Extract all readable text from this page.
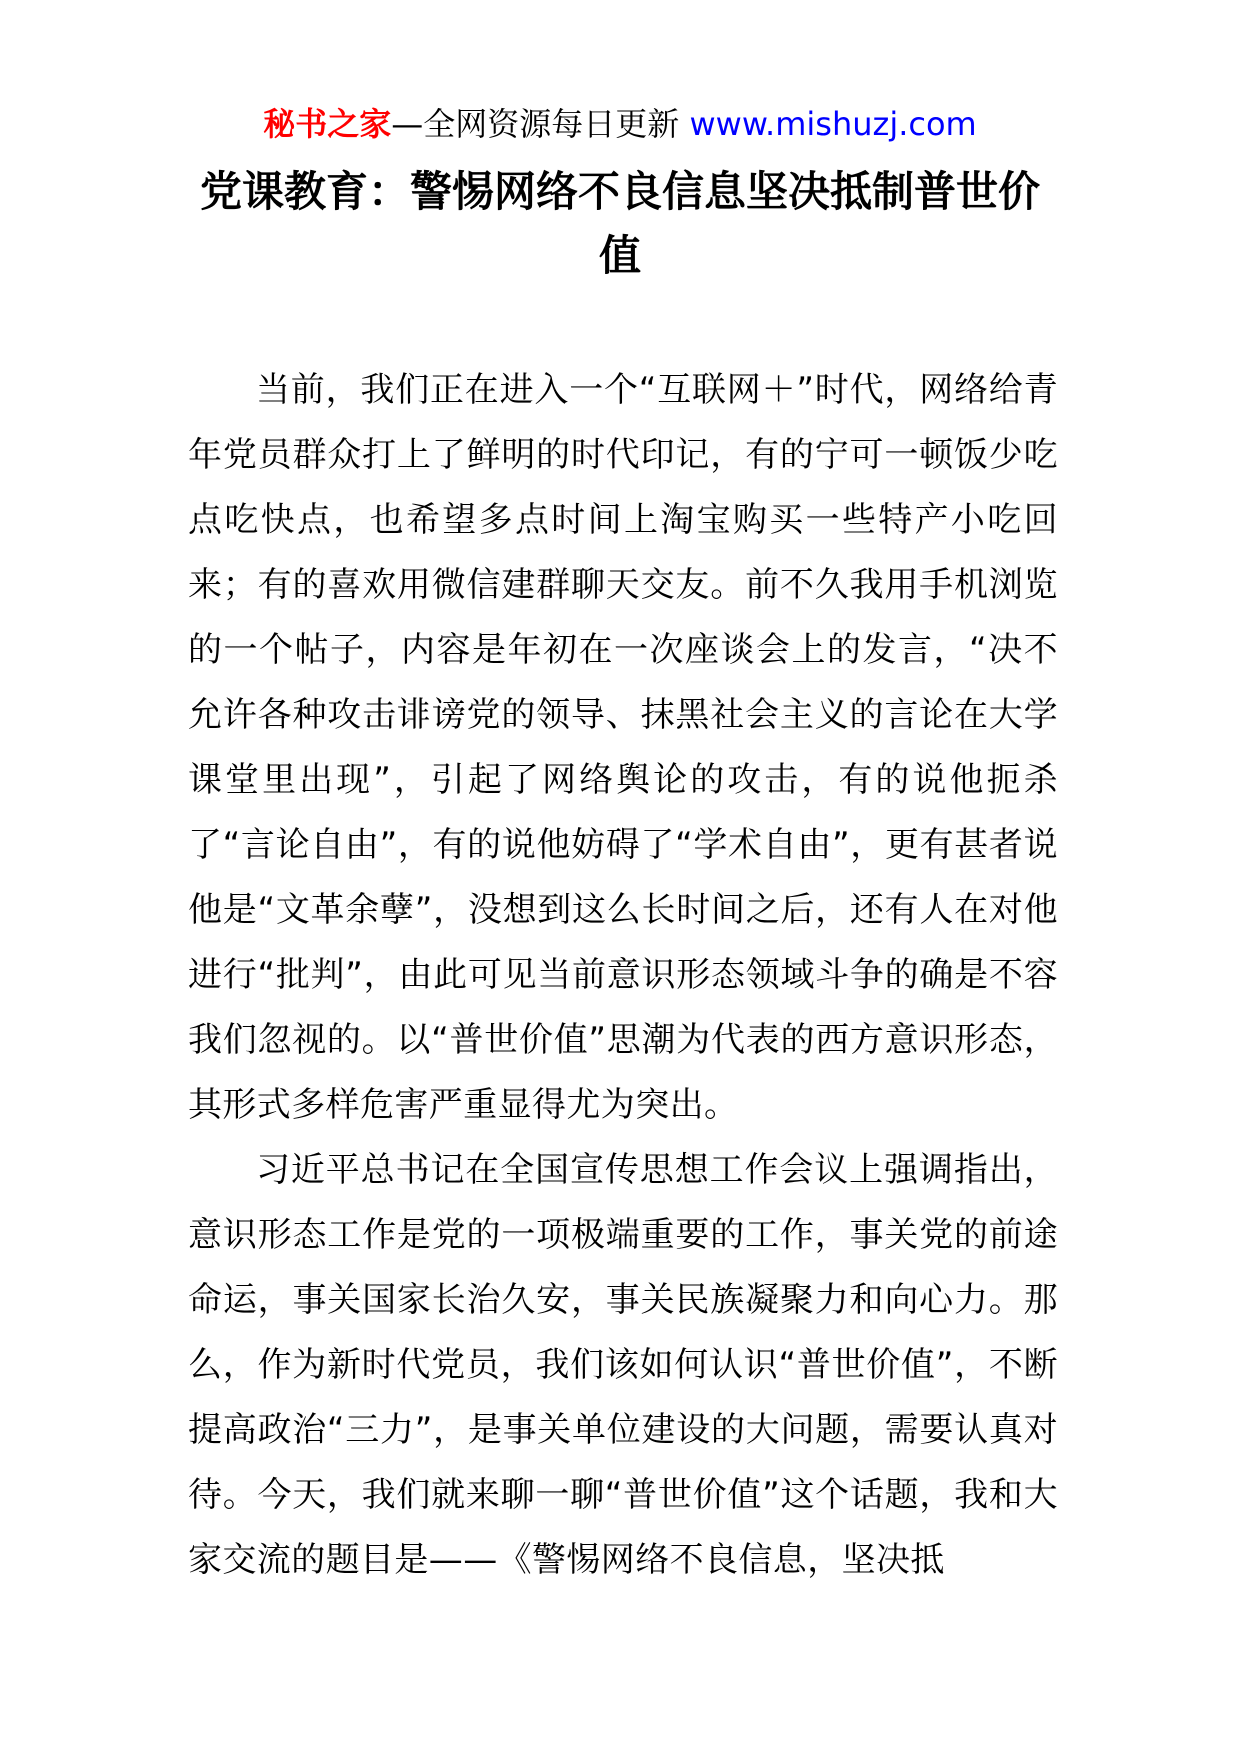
秘书之家—全网资源每日更新 www.mishuzj.com
党课教育：警惕网络不良信息坚决抵制普世价值

当前，我们正在进入一个“互联网＋”时代，网络给青年党员群众打上了鲜明的时代印记，有的宁可一顿饭少吃点吃快点，也希望多点时间上淘宝购买一些特产小吃回来；有的喜欢用微信建群聊天交友。前不久我用手机浏览的一个帖子，内容是年初在一次座谈会上的发言，“决不允许各种攻击诽谤党的领导、抹黑社会主义的言论在大学课堂里出现”，引起了网络舆论的攻击，有的说他扼杀了“言论自由”，有的说他妨碍了“学术自由”，更有甚者说他是“文革余孽”，没想到这么长时间之后，还有人在对他进行“批判”，由此可见当前意识形态领域斗争的确是不容我们忽视的。以“普世价值”思潮为代表的西方意识形态，其形式多样危害严重显得尤为突出。

习近平总书记在全国宣传思想工作会议上强调指出，意识形态工作是党的一项极端重要的工作，事关党的前途命运，事关国家长治久安，事关民族凝聚力和向心力。那么，作为新时代党员，我们该如何认识“普世价值”，不断提高政治“三力”，是事关单位建设的大问题，需要认真对待。今天，我们就来聊一聊“普世价值”这个话题，我和大家交流的题目是——《警惕网络不良信息，坚决抵
